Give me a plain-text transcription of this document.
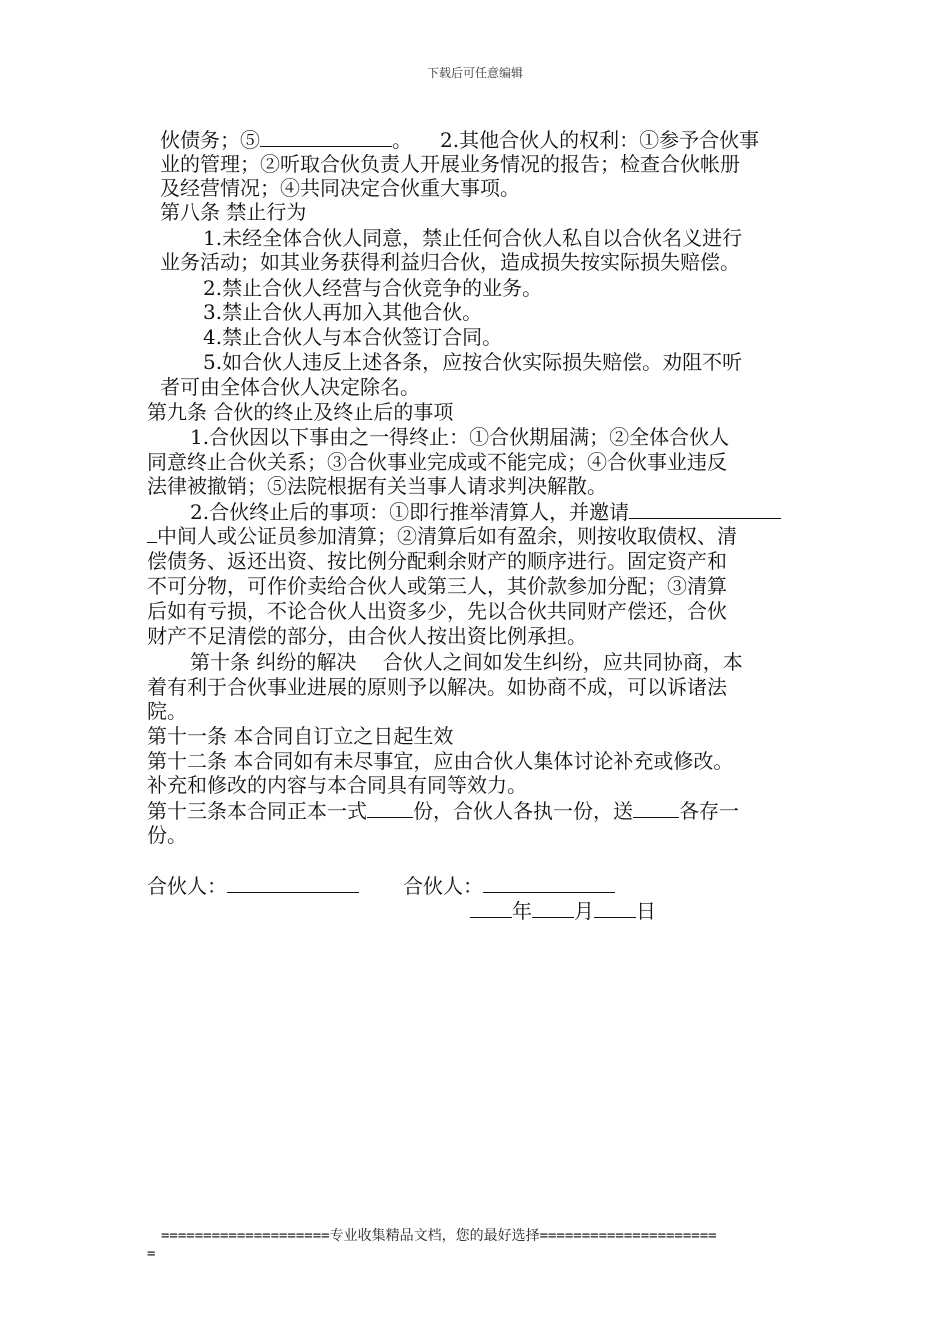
下载后可任意编辑
伙债务；⑤	。 2.其他合伙人的权利：①参予合伙事
业的管理；②听取合伙负责人开展业务情况的报告；检查合伙帐册
及经营情况；④共同决定合伙重大事项。
第八条 禁止行为
1.未经全体合伙人同意，禁止任何合伙人私自以合伙名义进行
业务活动；如其业务获得利益归合伙，造成损失按实际损失赔偿。
2.禁止合伙人经营与合伙竞争的业务。
3.禁止合伙人再加入其他合伙。
4.禁止合伙人与本合伙签订合同。
5.如合伙人违反上述各条，应按合伙实际损失赔偿。劝阻不听
者可由全体合伙人决定除名。
第九条 合伙的终止及终止后的事项
1.合伙因以下事由之一得终止：①合伙期届满；②全体合伙人
同意终止合伙关系；③合伙事业完成或不能完成；④合伙事业违反
法律被撤销；⑤法院根据有关当事人请求判决解散。
2.合伙终止后的事项：①即行推举清算人，并邀请
中间人或公证员参加清算；②清算后如有盈余，则按收取债权、清
偿债务、返还出资、按比例分配剩余财产的顺序进行。固定资产和
不可分物，可作价卖给合伙人或第三人，其价款参加分配；③清算
后如有亏损，不论合伙人出资多少，先以合伙共同财产偿还，合伙
财产不足清偿的部分，由合伙人按出资比例承担。
第十条 纠纷的解决　 合伙人之间如发生纠纷，应共同协商，本
着有利于合伙事业进展的原则予以解决。如协商不成，可以诉诸法
院。
第十一条 本合同自订立之日起生效
第十二条 本合同如有未尽事宜，应由合伙人集体讨论补充或修改。
补充和修改的内容与本合同具有同等效力。
第十三条本合同正本一式 份，合伙人各执一份，送 各存一
份。
合伙人：	合伙人：
年 月 日
====================专业收集精品文档，您的最好选择=====================
=
